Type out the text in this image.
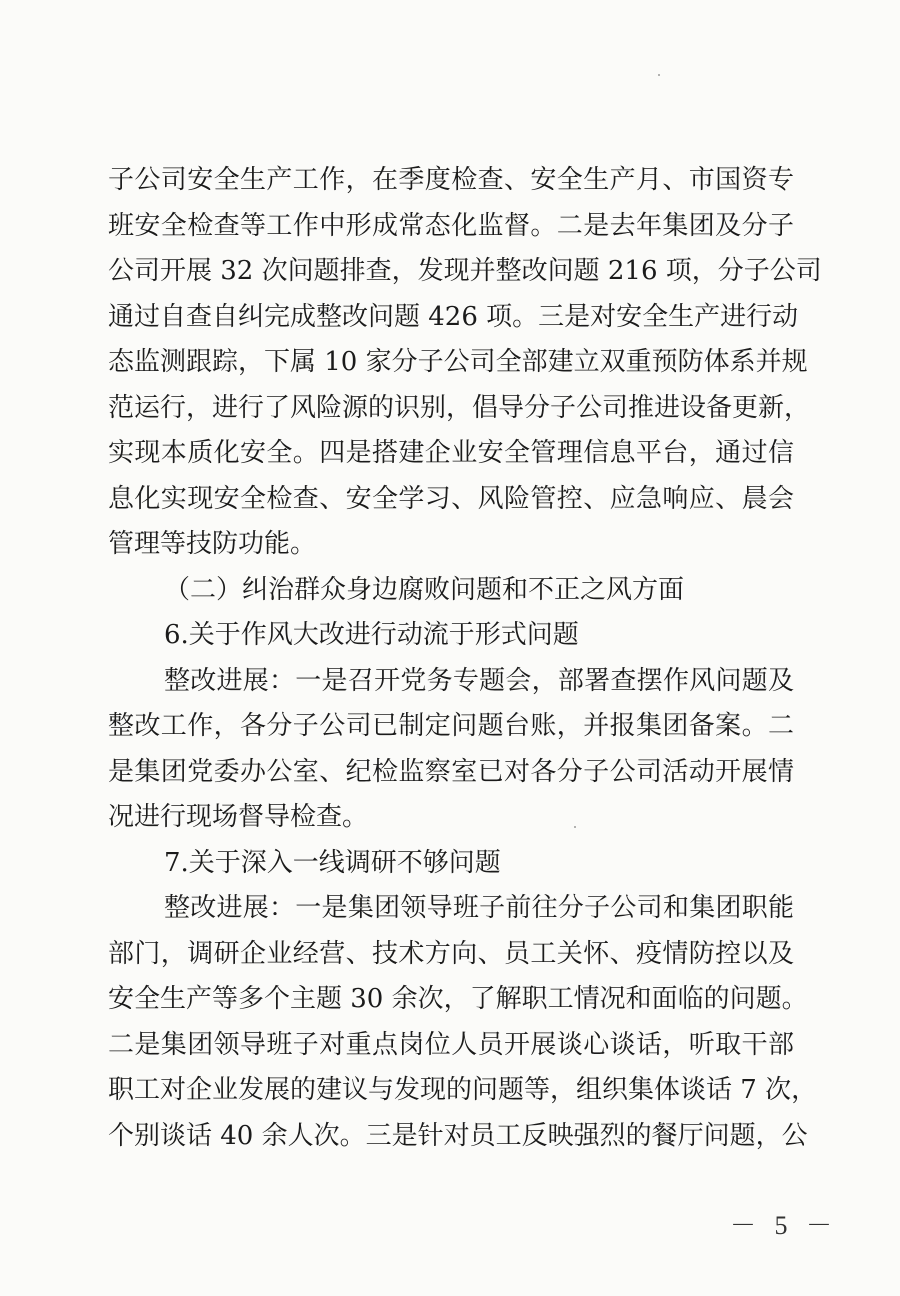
子公司安全生产工作，在季度检查、安全生产月、市国资专
班安全检查等工作中形成常态化监督。二是去年集团及分子
公司开展 32 次问题排查，发现并整改问题 216 项，分子公司
通过自查自纠完成整改问题 426 项。三是对安全生产进行动
态监测跟踪，下属 10 家分子公司全部建立双重预防体系并规
范运行，进行了风险源的识别，倡导分子公司推进设备更新，
实现本质化安全。四是搭建企业安全管理信息平台，通过信
息化实现安全检查、安全学习、风险管控、应急响应、晨会
管理等技防功能。
（二）纠治群众身边腐败问题和不正之风方面
6.关于作风大改进行动流于形式问题
整改进展：一是召开党务专题会，部署查摆作风问题及
整改工作，各分子公司已制定问题台账，并报集团备案。二
是集团党委办公室、纪检监察室已对各分子公司活动开展情
况进行现场督导检查。
7.关于深入一线调研不够问题
整改进展：一是集团领导班子前往分子公司和集团职能
部门，调研企业经营、技术方向、员工关怀、疫情防控以及
安全生产等多个主题 30 余次，了解职工情况和面临的问题。
二是集团领导班子对重点岗位人员开展谈心谈话，听取干部
职工对企业发展的建议与发现的问题等，组织集体谈话 7 次，
个别谈话 40 余人次。三是针对员工反映强烈的餐厅问题，公
－ 5 －
